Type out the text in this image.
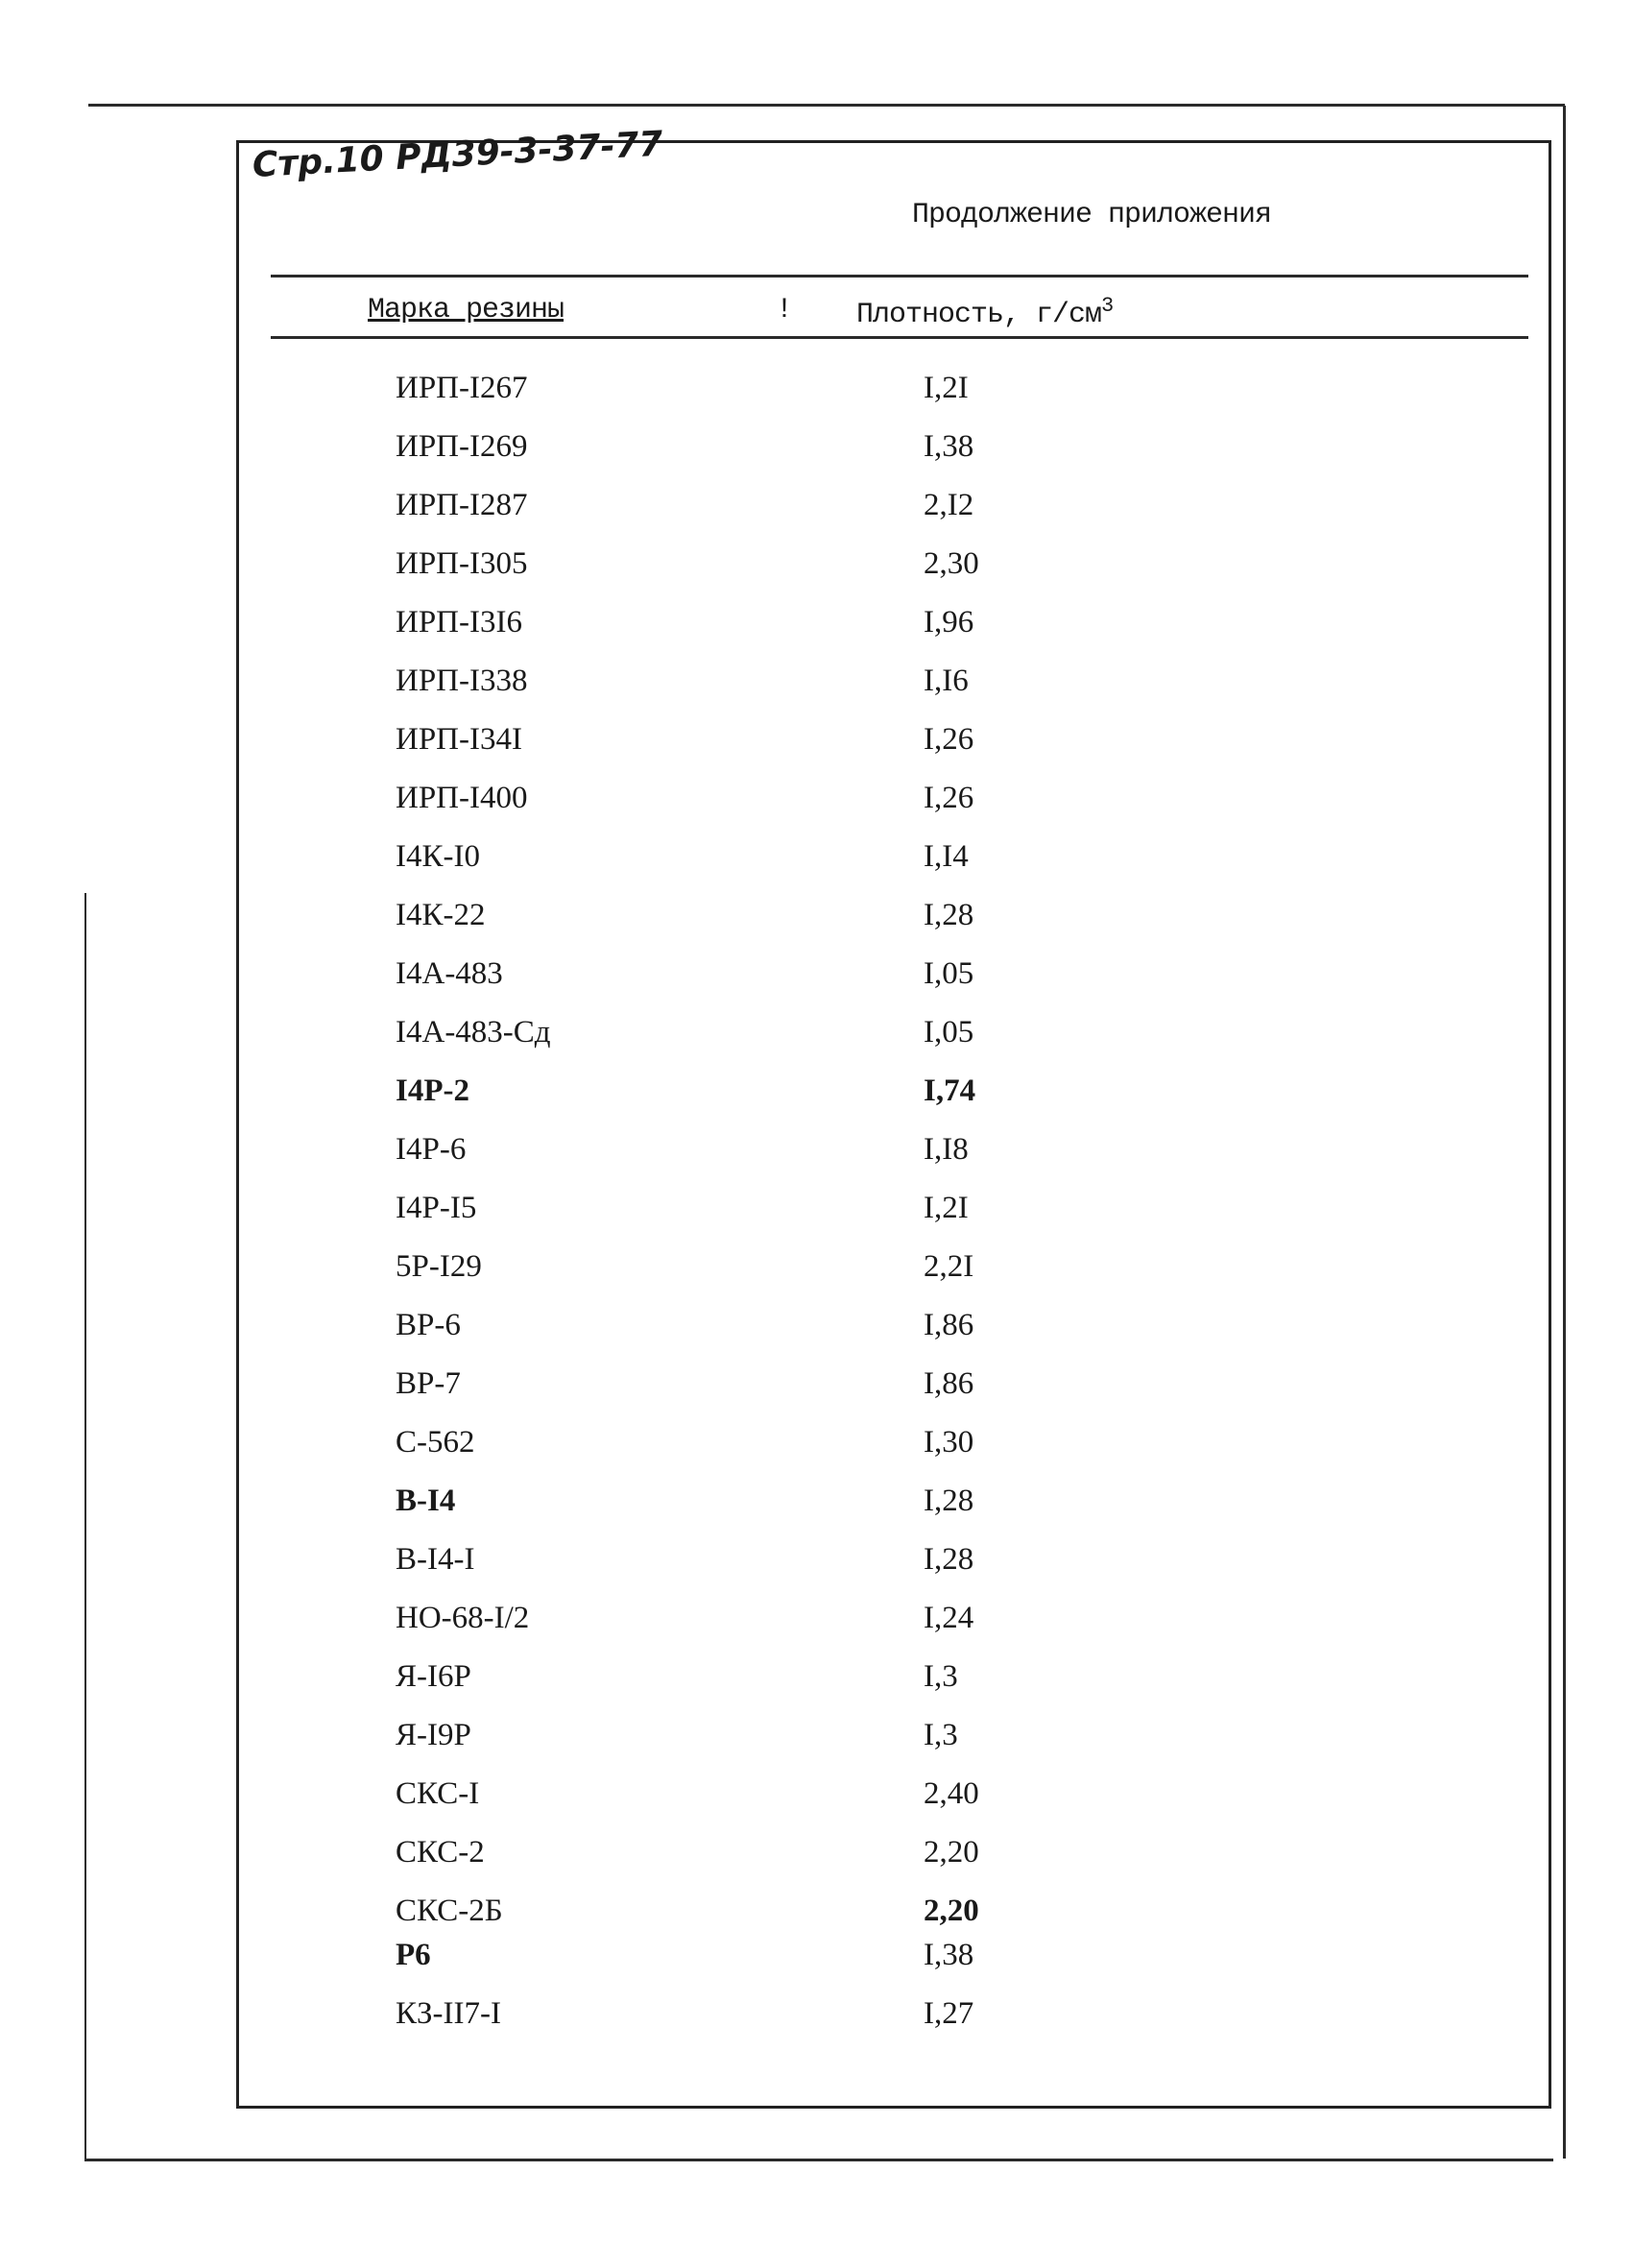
Стр.10 РД39-3-37-77
Продолжение приложения
Марка резины	! Плотность, $г/см^3$
ИРП-I267	I,2I
ИРП-I269	I,38
ИРП-I287	2,I2
ИРП-I305	2,30
ИРП-I3I6	I,96
ИРП-I338	I,I6
ИРП-I34I	I,26
ИРП-I400	I,26
I4К-I0	I,I4
I4К-22	I,28
I4А-483	I,05
I4А-483-Сд	I,05
I4Р-2	I,74
I4Р-6	I,I8
I4Р-I5	I,2I
5Р-I29	2,2I
ВР-6	I,86
ВР-7	I,86
С-562	I,30
В-I4	I,28
В-I4-I	I,28
НО-68-I/2	I,24
Я-I6Р	I,3
Я-I9Р	I,3
СКС-I	2,40
СКС-2	2,20
СКС-2Б	2,20
Р6	I,38
КЗ-II7-I	I,27
